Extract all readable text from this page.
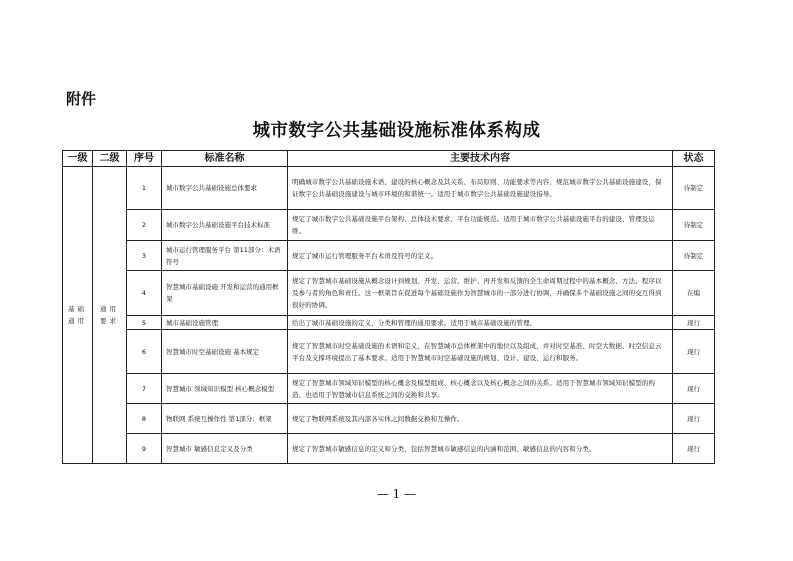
附件
城市数字公共基础设施标准体系构成
一级	二级	序号	标准名称	主要技术内容	状态
基础通用	通用要求	1	城市数字公共基础设施总体要求	明确城市数字公共基础设施术语、建设的核心概念及其关系、布局原则、功能要求等内容，规范城市数字公共基础设施建设，保证数字公共基础设施建设与城市环境的和谐统一。适用于城市数字公共基础设施建设指导。	待制定
		2	城市数字公共基础设施平台技术标准	规定了城市数字公共基础设施平台架构、总体技术要求、平台功能规范。适用于城市数字公共基础设施平台的建设、管理及运维。	待制定
		3	城市运行管理服务平台 第11部分：术语符号	规定了城市运行管理服务平台术语及符号的定义。	待制定
		4	智慧城市基础设施 开发和运营的通用框架	规定了智慧城市基础设施从概念设计到规划、开发、运营、维护、再开发和反馈的全生命周期过程中的基本概念、方法、程序以及参与者的角色和责任。这一框架旨在促进每个基础设施作为智慧城市的一部分进行协调，并确保多个基础设施之间的交互得到很好的协调。	在编
		5	城市基础设施管理	给出了城市基础设施的定义、分类和管理的通用要求。适用于城市基础设施的管理。	现行
		6	智慧城市时空基础设施 基本规定	规定了智慧城市时空基础设施的术语和定义、在智慧城市总体框架中的地位以及组成，并对时空基准、时空大数据、时空信息云平台及支撑环境提出了基本要求。适用于智慧城市时空基础设施的规划、设计、建设、运行和服务。	现行
		7	智慧城市 领域知识模型 核心概念模型	规定了智慧城市领域知识模型的核心概念及模型组成、核心概念以及核心概念之间的关系。适用于智慧城市领域知识模型的构造、也适用于智慧城市信息系统之间的交换和共享。	现行
		8	物联网 系统互操作性 第1部分：框架	规定了物联网系统及其内部各实体之间数据交换和互操作。	现行
		9	智慧城市 敏感信息定义及分类	规定了智慧城市敏感信息的定义和分类，包括智慧城市敏感信息的内涵和范围、敏感信息的内容和分类。	现行
— 1 —
